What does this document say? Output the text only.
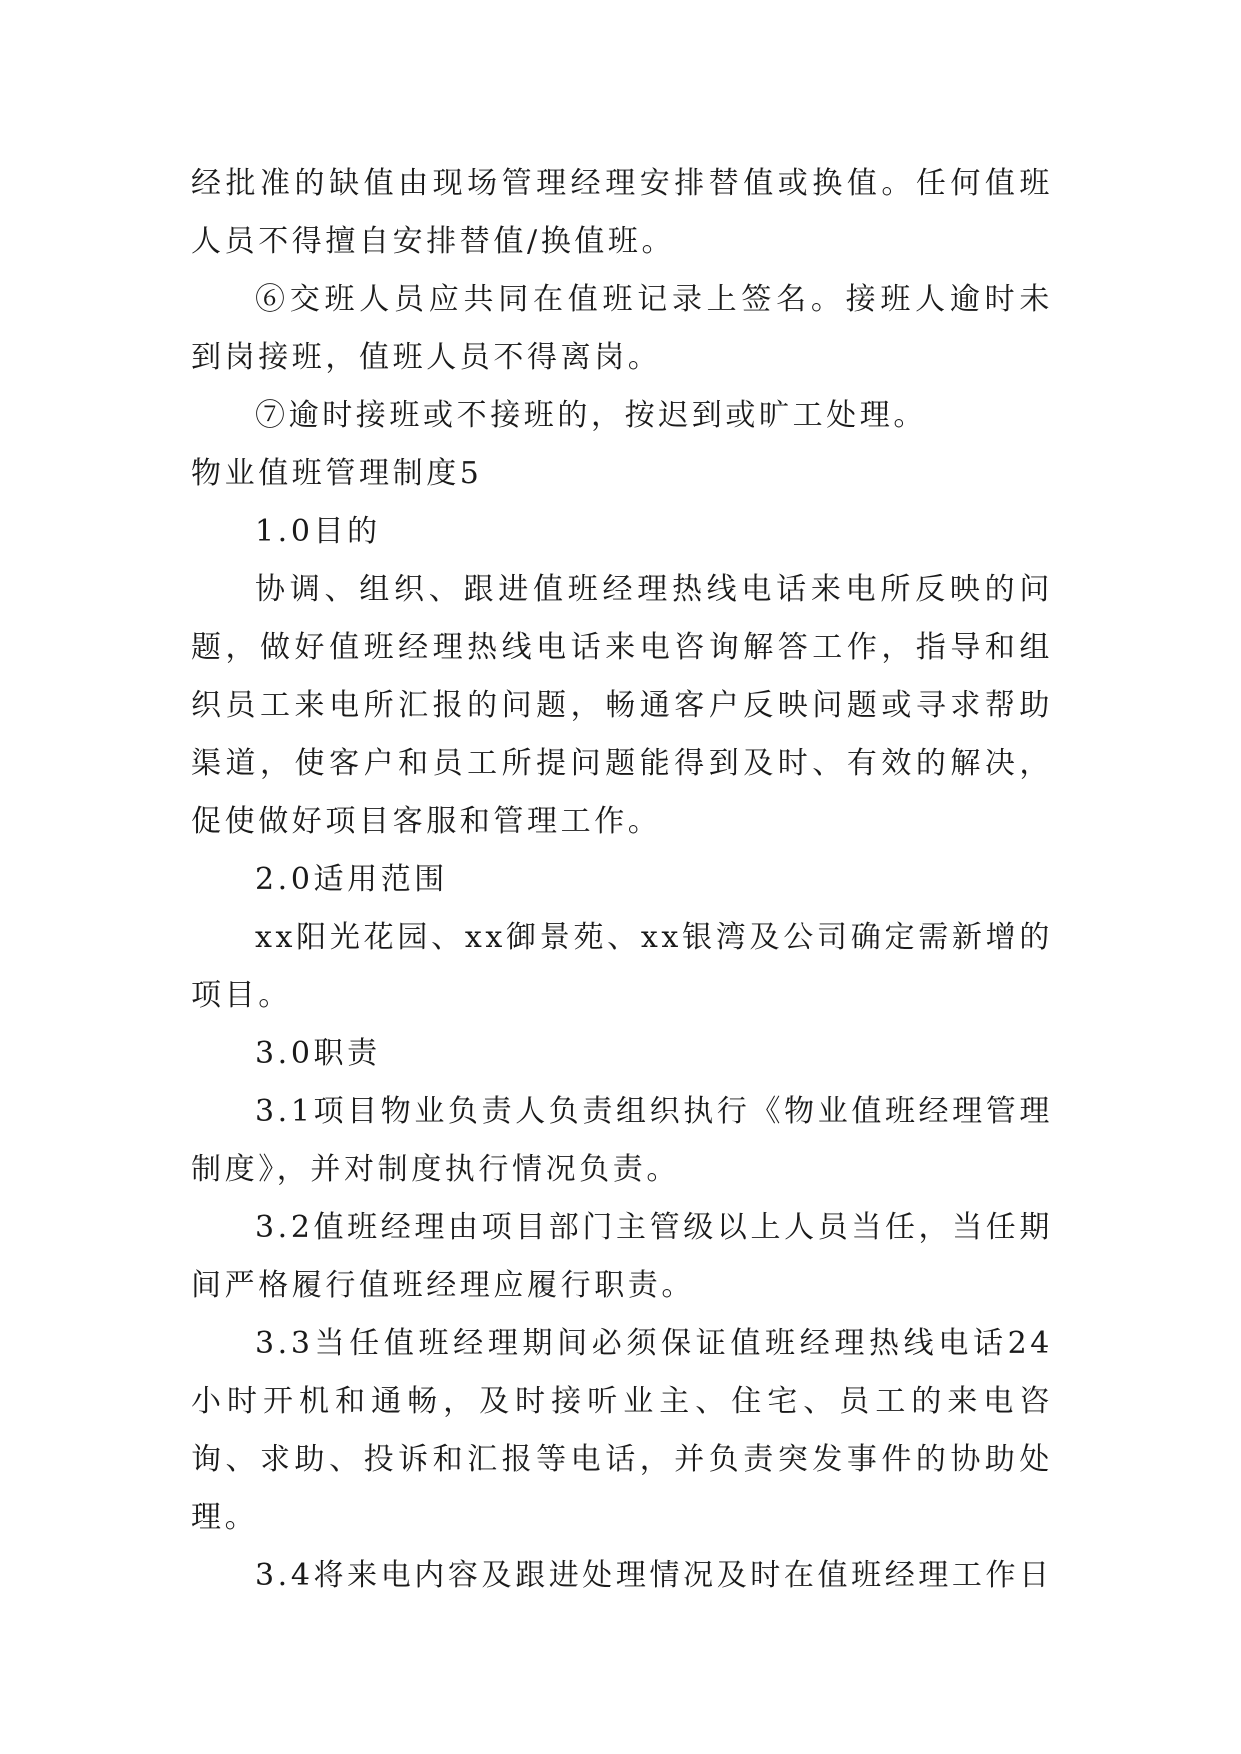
经批准的缺值由现场管理经理安排替值或换值。任何值班人员不得擅自安排替值/换值班。

⑥交班人员应共同在值班记录上签名。接班人逾时未到岗接班，值班人员不得离岗。

⑦逾时接班或不接班的，按迟到或旷工处理。

物业值班管理制度5

1.0目的

协调、组织、跟进值班经理热线电话来电所反映的问题，做好值班经理热线电话来电咨询解答工作，指导和组织员工来电所汇报的问题，畅通客户反映问题或寻求帮助渠道，使客户和员工所提问题能得到及时、有效的解决，促使做好项目客服和管理工作。

2.0适用范围

xx阳光花园、xx御景苑、xx银湾及公司确定需新增的项目。

3.0职责

3.1项目物业负责人负责组织执行《物业值班经理管理制度》，并对制度执行情况负责。

3.2值班经理由项目部门主管级以上人员当任，当任期间严格履行值班经理应履行职责。

3.3当任值班经理期间必须保证值班经理热线电话24小时开机和通畅，及时接听业主、住宅、员工的来电咨询、求助、投诉和汇报等电话，并负责突发事件的协助处理。

3.4将来电内容及跟进处理情况及时在值班经理工作日
